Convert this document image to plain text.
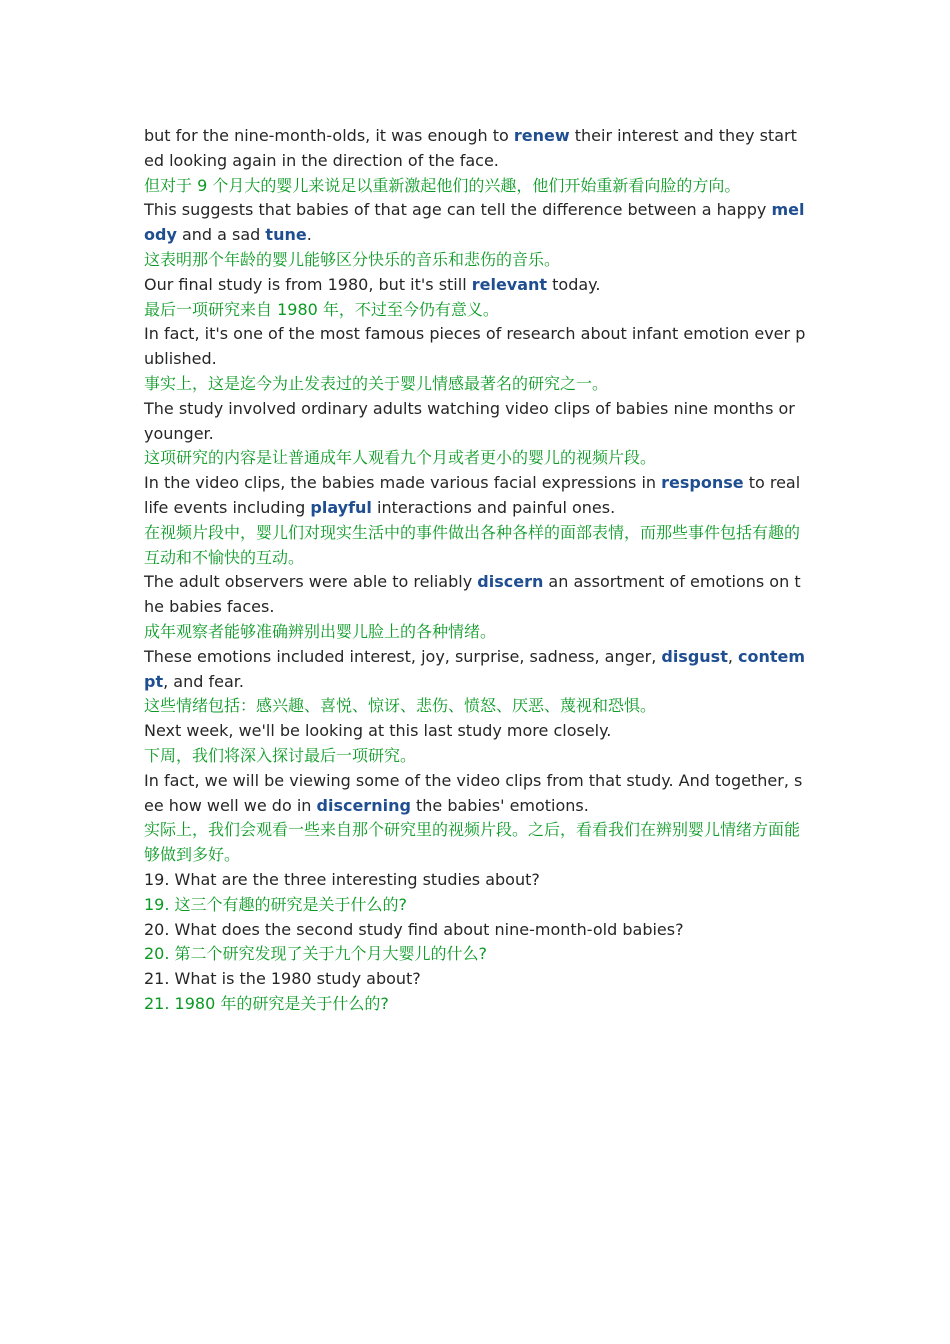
but for the nine-month-olds, it was enough to renew their interest and they started looking again in the direction of the face.

但对于 9 个月大的婴儿来说足以重新激起他们的兴趣，他们开始重新看向脸的方向。

This suggests that babies of that age can tell the difference between a happy melody and a sad tune.

这表明那个年龄的婴儿能够区分快乐的音乐和悲伤的音乐。

Our final study is from 1980, but it's still relevant today.

最后一项研究来自 1980 年，不过至今仍有意义。

In fact, it's one of the most famous pieces of research about infant emotion ever published.

事实上，这是迄今为止发表过的关于婴儿情感最著名的研究之一。

The study involved ordinary adults watching video clips of babies nine months or younger.

这项研究的内容是让普通成年人观看九个月或者更小的婴儿的视频片段。

In the video clips, the babies made various facial expressions in response to real life events including playful interactions and painful ones.

在视频片段中，婴儿们对现实生活中的事件做出各种各样的面部表情，而那些事件包括有趣的互动和不愉快的互动。

The adult observers were able to reliably discern an assortment of emotions on the babies faces.

成年观察者能够准确辨别出婴儿脸上的各种情绪。

These emotions included interest, joy, surprise, sadness, anger, disgust, contempt, and fear.

这些情绪包括：感兴趣、喜悦、惊讶、悲伤、愤怒、厌恶、蔑视和恐惧。

Next week, we'll be looking at this last study more closely.

下周，我们将深入探讨最后一项研究。

In fact, we will be viewing some of the video clips from that study. And together, see how well we do in discerning the babies' emotions.

实际上，我们会观看一些来自那个研究里的视频片段。之后，看看我们在辨别婴儿情绪方面能够做到多好。

19. What are the three interesting studies about?

19. 这三个有趣的研究是关于什么的?

20. What does the second study find about nine-month-old babies?

20. 第二个研究发现了关于九个月大婴儿的什么?

21. What is the 1980 study about?

21. 1980 年的研究是关于什么的?
